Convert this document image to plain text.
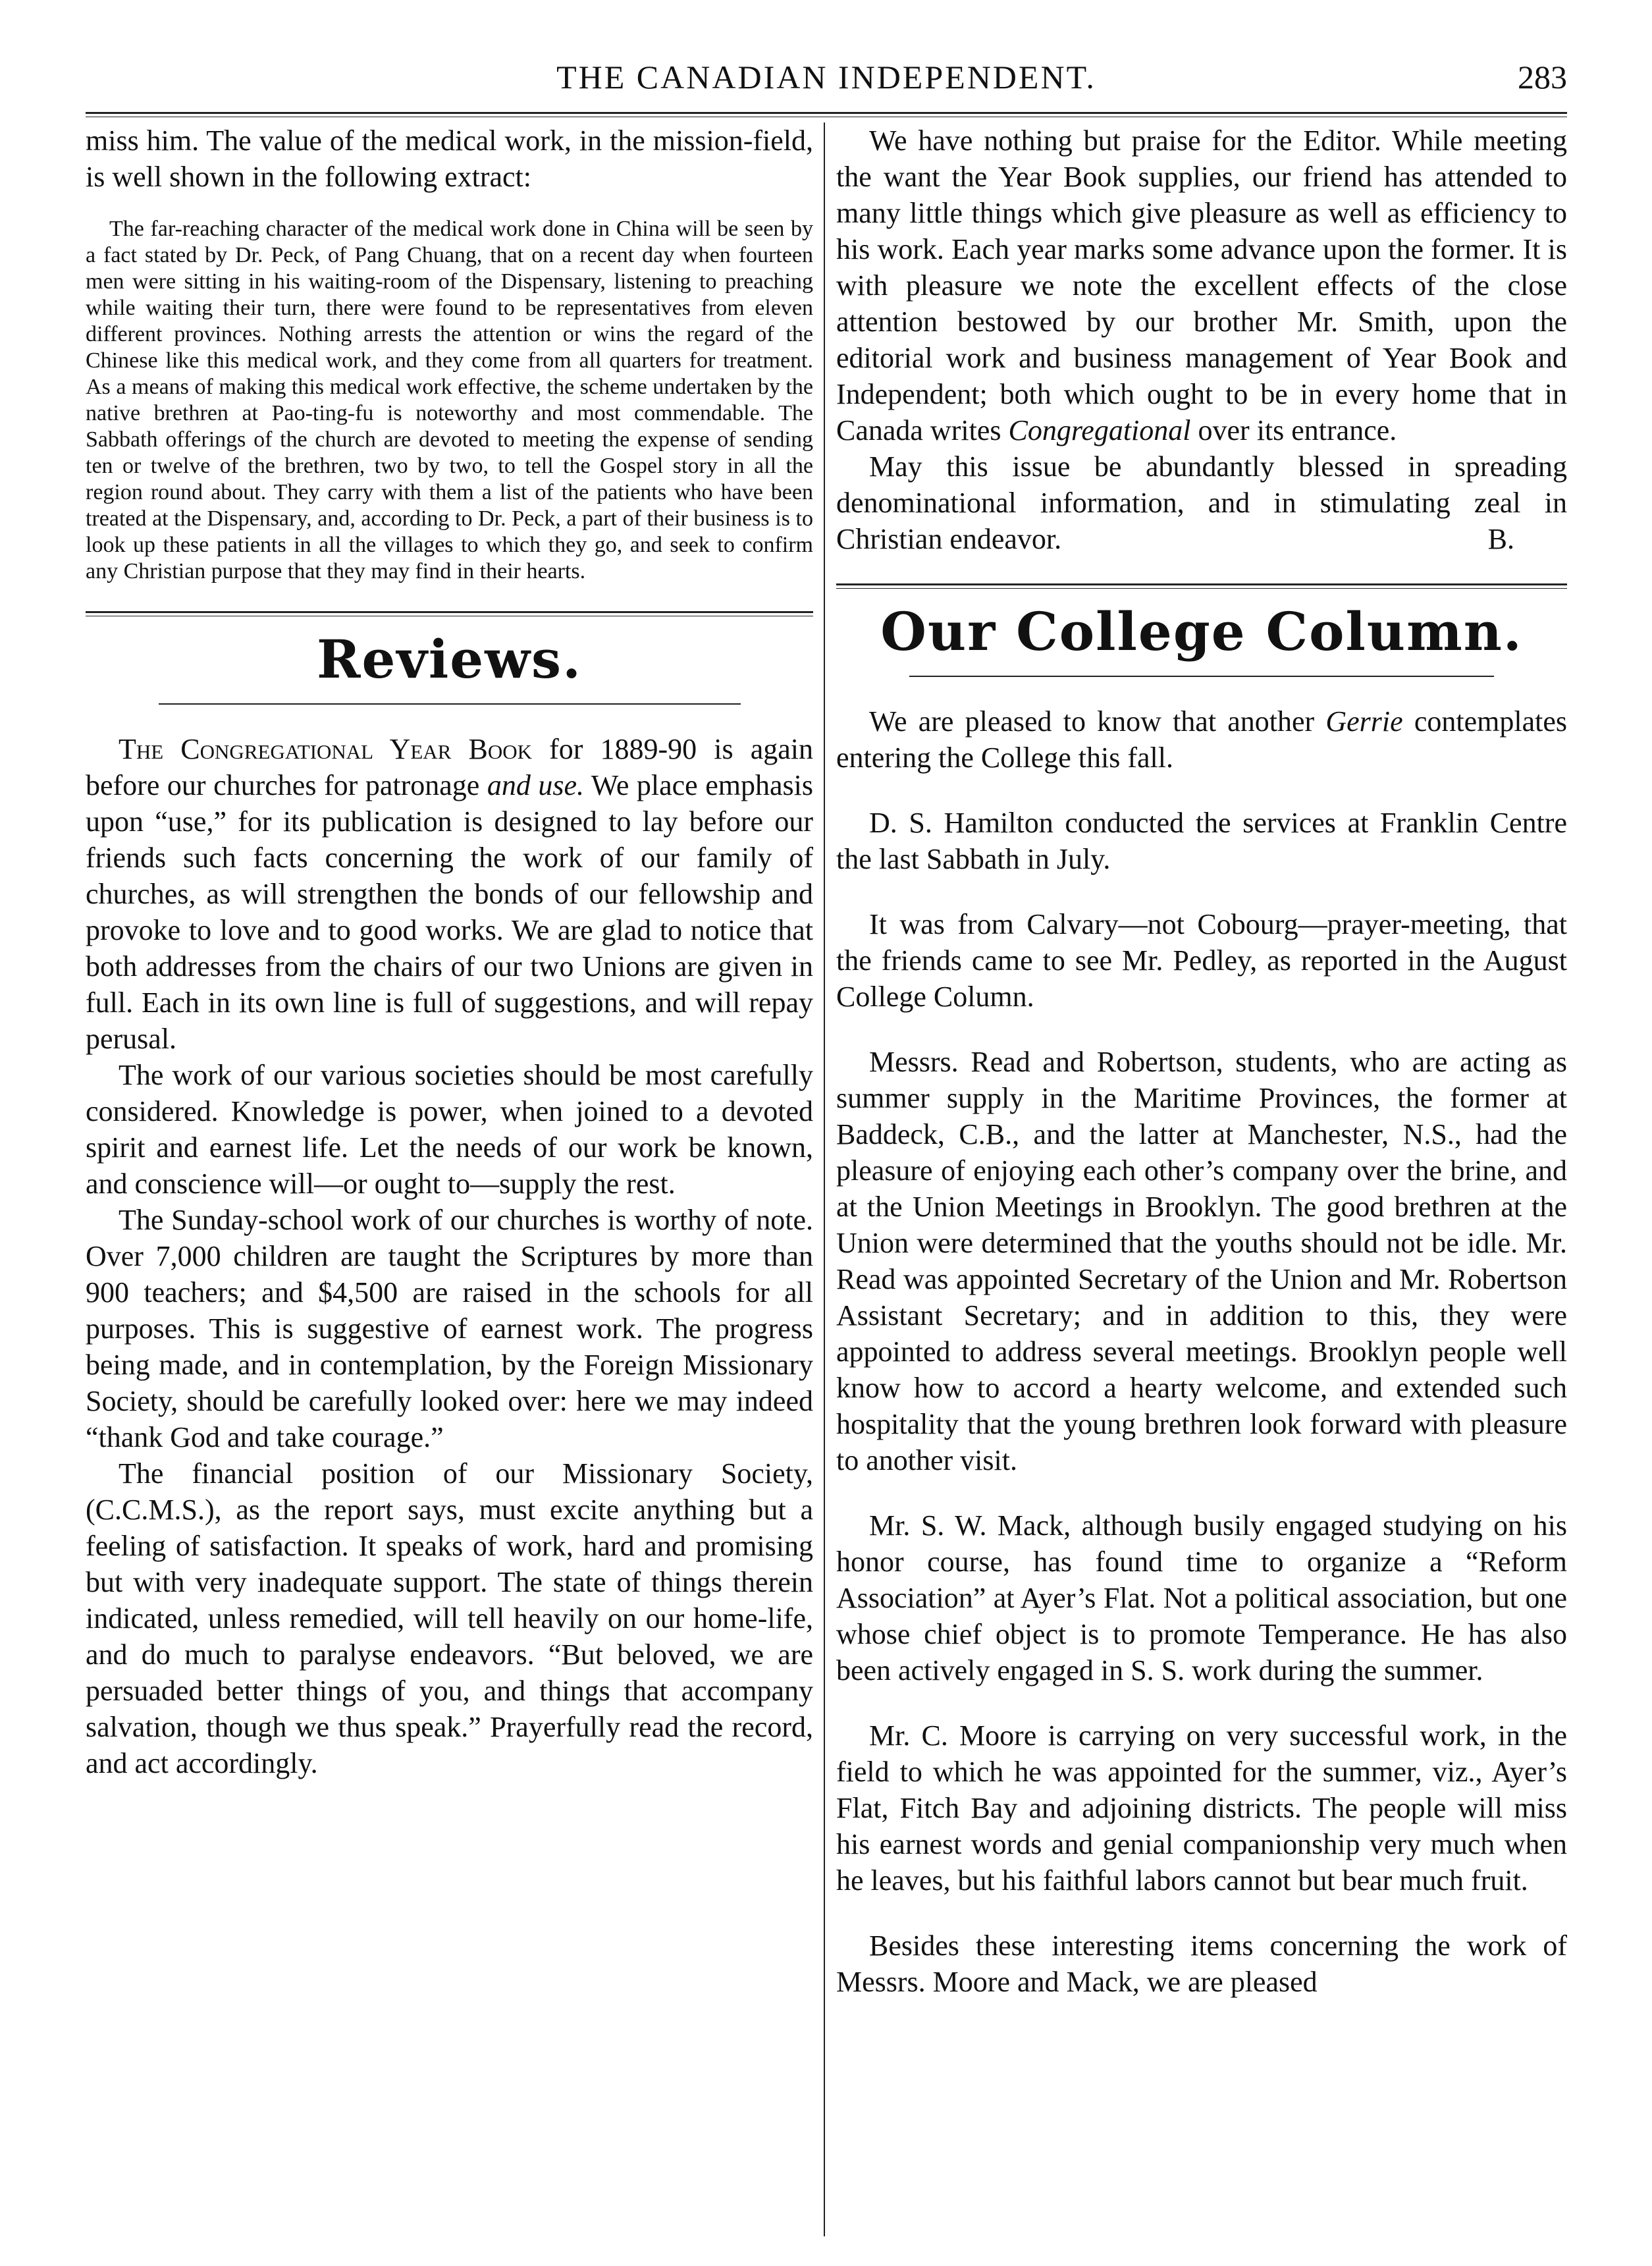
THE CANADIAN INDEPENDENT.	283

miss him. The value of the medical work, in the mission-field, is well shown in the following extract:

The far-reaching character of the medical work done in China will be seen by a fact stated by Dr. Peck, of Pang Chuang, that on a recent day when fourteen men were sitting in his waiting-room of the Dispensary, listening to preaching while waiting their turn, there were found to be representatives from eleven different provinces. Nothing arrests the attention or wins the regard of the Chinese like this medical work, and they come from all quarters for treatment. As a means of making this medical work effective, the scheme undertaken by the native brethren at Pao-ting-fu is noteworthy and most commendable. The Sabbath offerings of the church are devoted to meeting the expense of sending ten or twelve of the brethren, two by two, to tell the Gospel story in all the region round about. They carry with them a list of the patients who have been treated at the Dispensary, and, according to Dr. Peck, a part of their business is to look up these patients in all the villages to which they go, and seek to confirm any Christian purpose that they may find in their hearts.

Reviews.

The Congregational Year Book for 1889-90 is again before our churches for patronage and use. We place emphasis upon “use,” for its publication is designed to lay before our friends such facts concerning the work of our family of churches, as will strengthen the bonds of our fellowship and provoke to love and to good works. We are glad to notice that both addresses from the chairs of our two Unions are given in full. Each in its own line is full of suggestions, and will repay perusal.

The work of our various societies should be most carefully considered. Knowledge is power, when joined to a devoted spirit and earnest life. Let the needs of our work be known, and conscience will—or ought to—supply the rest.

The Sunday-school work of our churches is worthy of note. Over 7,000 children are taught the Scriptures by more than 900 teachers; and $4,500 are raised in the schools for all purposes. This is suggestive of earnest work. The progress being made, and in contemplation, by the Foreign Missionary Society, should be carefully looked over: here we may indeed “thank God and take courage.”

The financial position of our Missionary Society, (C.C.M.S.), as the report says, must excite anything but a feeling of satisfaction. It speaks of work, hard and promising but with very inadequate support. The state of things therein indicated, unless remedied, will tell heavily on our home-life, and do much to paralyse endeavors. “But beloved, we are persuaded better things of you, and things that accompany salvation, though we thus speak.” Prayerfully read the record, and act accordingly.

We have nothing but praise for the Editor. While meeting the want the Year Book supplies, our friend has attended to many little things which give pleasure as well as efficiency to his work. Each year marks some advance upon the former. It is with pleasure we note the excellent effects of the close attention bestowed by our brother Mr. Smith, upon the editorial work and business management of Year Book and Independent; both which ought to be in every home that in Canada writes Congregational over its entrance.

May this issue be abundantly blessed in spreading denominational information, and in stimulating zeal in Christian endeavor.	B.

Our College Column.

We are pleased to know that another Gerrie contemplates entering the College this fall.

D. S. Hamilton conducted the services at Franklin Centre the last Sabbath in July.

It was from Calvary—not Cobourg—prayer-meeting, that the friends came to see Mr. Pedley, as reported in the August College Column.

Messrs. Read and Robertson, students, who are acting as summer supply in the Maritime Provinces, the former at Baddeck, C.B., and the latter at Manchester, N.S., had the pleasure of enjoying each other’s company over the brine, and at the Union Meetings in Brooklyn. The good brethren at the Union were determined that the youths should not be idle. Mr. Read was appointed Secretary of the Union and Mr. Robertson Assistant Secretary; and in addition to this, they were appointed to address several meetings. Brooklyn people well know how to accord a hearty welcome, and extended such hospitality that the young brethren look forward with pleasure to another visit.

Mr. S. W. Mack, although busily engaged studying on his honor course, has found time to organize a “Reform Association” at Ayer’s Flat. Not a political association, but one whose chief object is to promote Temperance. He has also been actively engaged in S. S. work during the summer.

Mr. C. Moore is carrying on very successful work, in the field to which he was appointed for the summer, viz., Ayer’s Flat, Fitch Bay and adjoining districts. The people will miss his earnest words and genial companionship very much when he leaves, but his faithful labors cannot but bear much fruit.

Besides these interesting items concerning the work of Messrs. Moore and Mack, we are pleased
